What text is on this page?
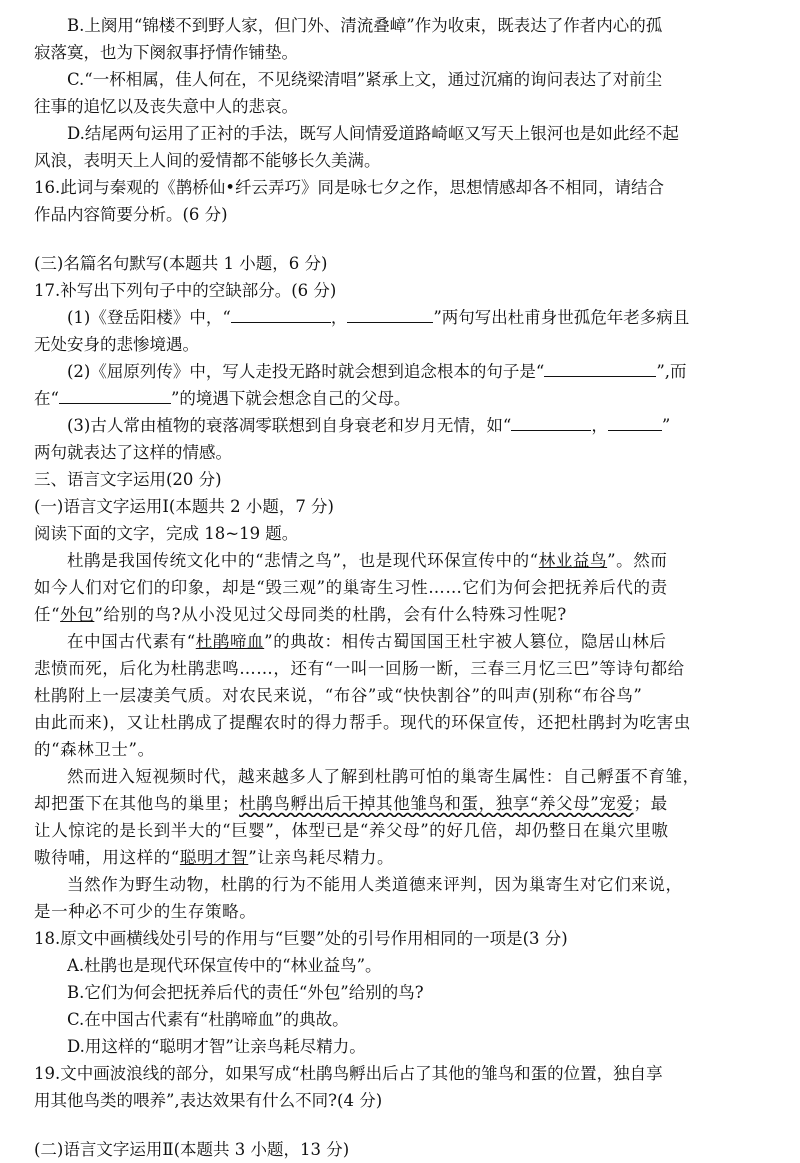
B.上阕用“锦楼不到野人家，但门外、清流叠嶂”作为收束，既表达了作者内心的孤

寂落寞，也为下阕叙事抒情作铺垫。

C.“一杯相属，佳人何在，不见绕梁清唱”紧承上文，通过沉痛的询问表达了对前尘

往事的追忆以及丧失意中人的悲哀。

D.结尾两句运用了正衬的手法，既写人间情爱道路崎岖又写天上银河也是如此经不起

风浪，表明天上人间的爱情都不能够长久美满。

16.此词与秦观的《鹊桥仙•纤云弄巧》同是咏七夕之作，思想情感却各不相同，请结合

作品内容简要分析。(6 分)

(三)名篇名句默写(本题共 1 小题，6 分)

17.补写出下列句子中的空缺部分。(6 分)

(1)《登岳阳楼》中，“	，	”两句写出杜甫身世孤危年老多病且

无处安身的悲惨境遇。

(2)《屈原列传》中，写人走投无路时就会想到追念根本的句子是“	”,而

在“	”的境遇下就会想念自己的父母。

(3)古人常由植物的衰落凋零联想到自身衰老和岁月无情，如“	，	”

两句就表达了这样的情感。

三、语言文字运用(20 分)

(一)语言文字运用Ⅰ(本题共 2 小题，7 分)

阅读下面的文字，完成 18~19 题。

杜鹃是我国传统文化中的“悲情之鸟”，也是现代环保宣传中的“林业益鸟”。然而

如今人们对它们的印象，却是“毁三观”的巢寄生习性……它们为何会把抚养后代的责

任“外包”给别的鸟?从小没见过父母同类的杜鹃，会有什么特殊习性呢?

在中国古代素有“杜鹃啼血”的典故：相传古蜀国国王杜宇被人篡位，隐居山林后

悲愤而死，后化为杜鹃悲鸣……，还有“一叫一回肠一断，三春三月忆三巴”等诗句都给

杜鹃附上一层凄美气质。对农民来说，“布谷”或“快快割谷”的叫声(别称“布谷鸟”

由此而来)，又让杜鹃成了提醒农时的得力帮手。现代的环保宣传，还把杜鹃封为吃害虫

的“森林卫士”。

然而进入短视频时代，越来越多人了解到杜鹃可怕的巢寄生属性：自己孵蛋不育雏，

却把蛋下在其他鸟的巢里；杜鹃鸟孵出后干掉其他雏鸟和蛋，独享“养父母”宠爱；最

让人惊诧的是长到半大的“巨婴”，体型已是“养父母”的好几倍，却仍整日在巢穴里嗷

嗷待哺，用这样的“聪明才智”让亲鸟耗尽精力。

当然作为野生动物，杜鹃的行为不能用人类道德来评判，因为巢寄生对它们来说，

是一种必不可少的生存策略。

18.原文中画横线处引号的作用与“巨婴”处的引号作用相同的一项是(3 分)

A.杜鹃也是现代环保宣传中的“林业益鸟”。

B.它们为何会把抚养后代的责任“外包”给别的鸟?

C.在中国古代素有“杜鹃啼血”的典故。

D.用这样的“聪明才智”让亲鸟耗尽精力。

19.文中画波浪线的部分，如果写成“杜鹃鸟孵出后占了其他的雏鸟和蛋的位置，独自享

用其他鸟类的喂养”,表达效果有什么不同?(4 分)

(二)语言文字运用Ⅱ(本题共 3 小题，13 分)
